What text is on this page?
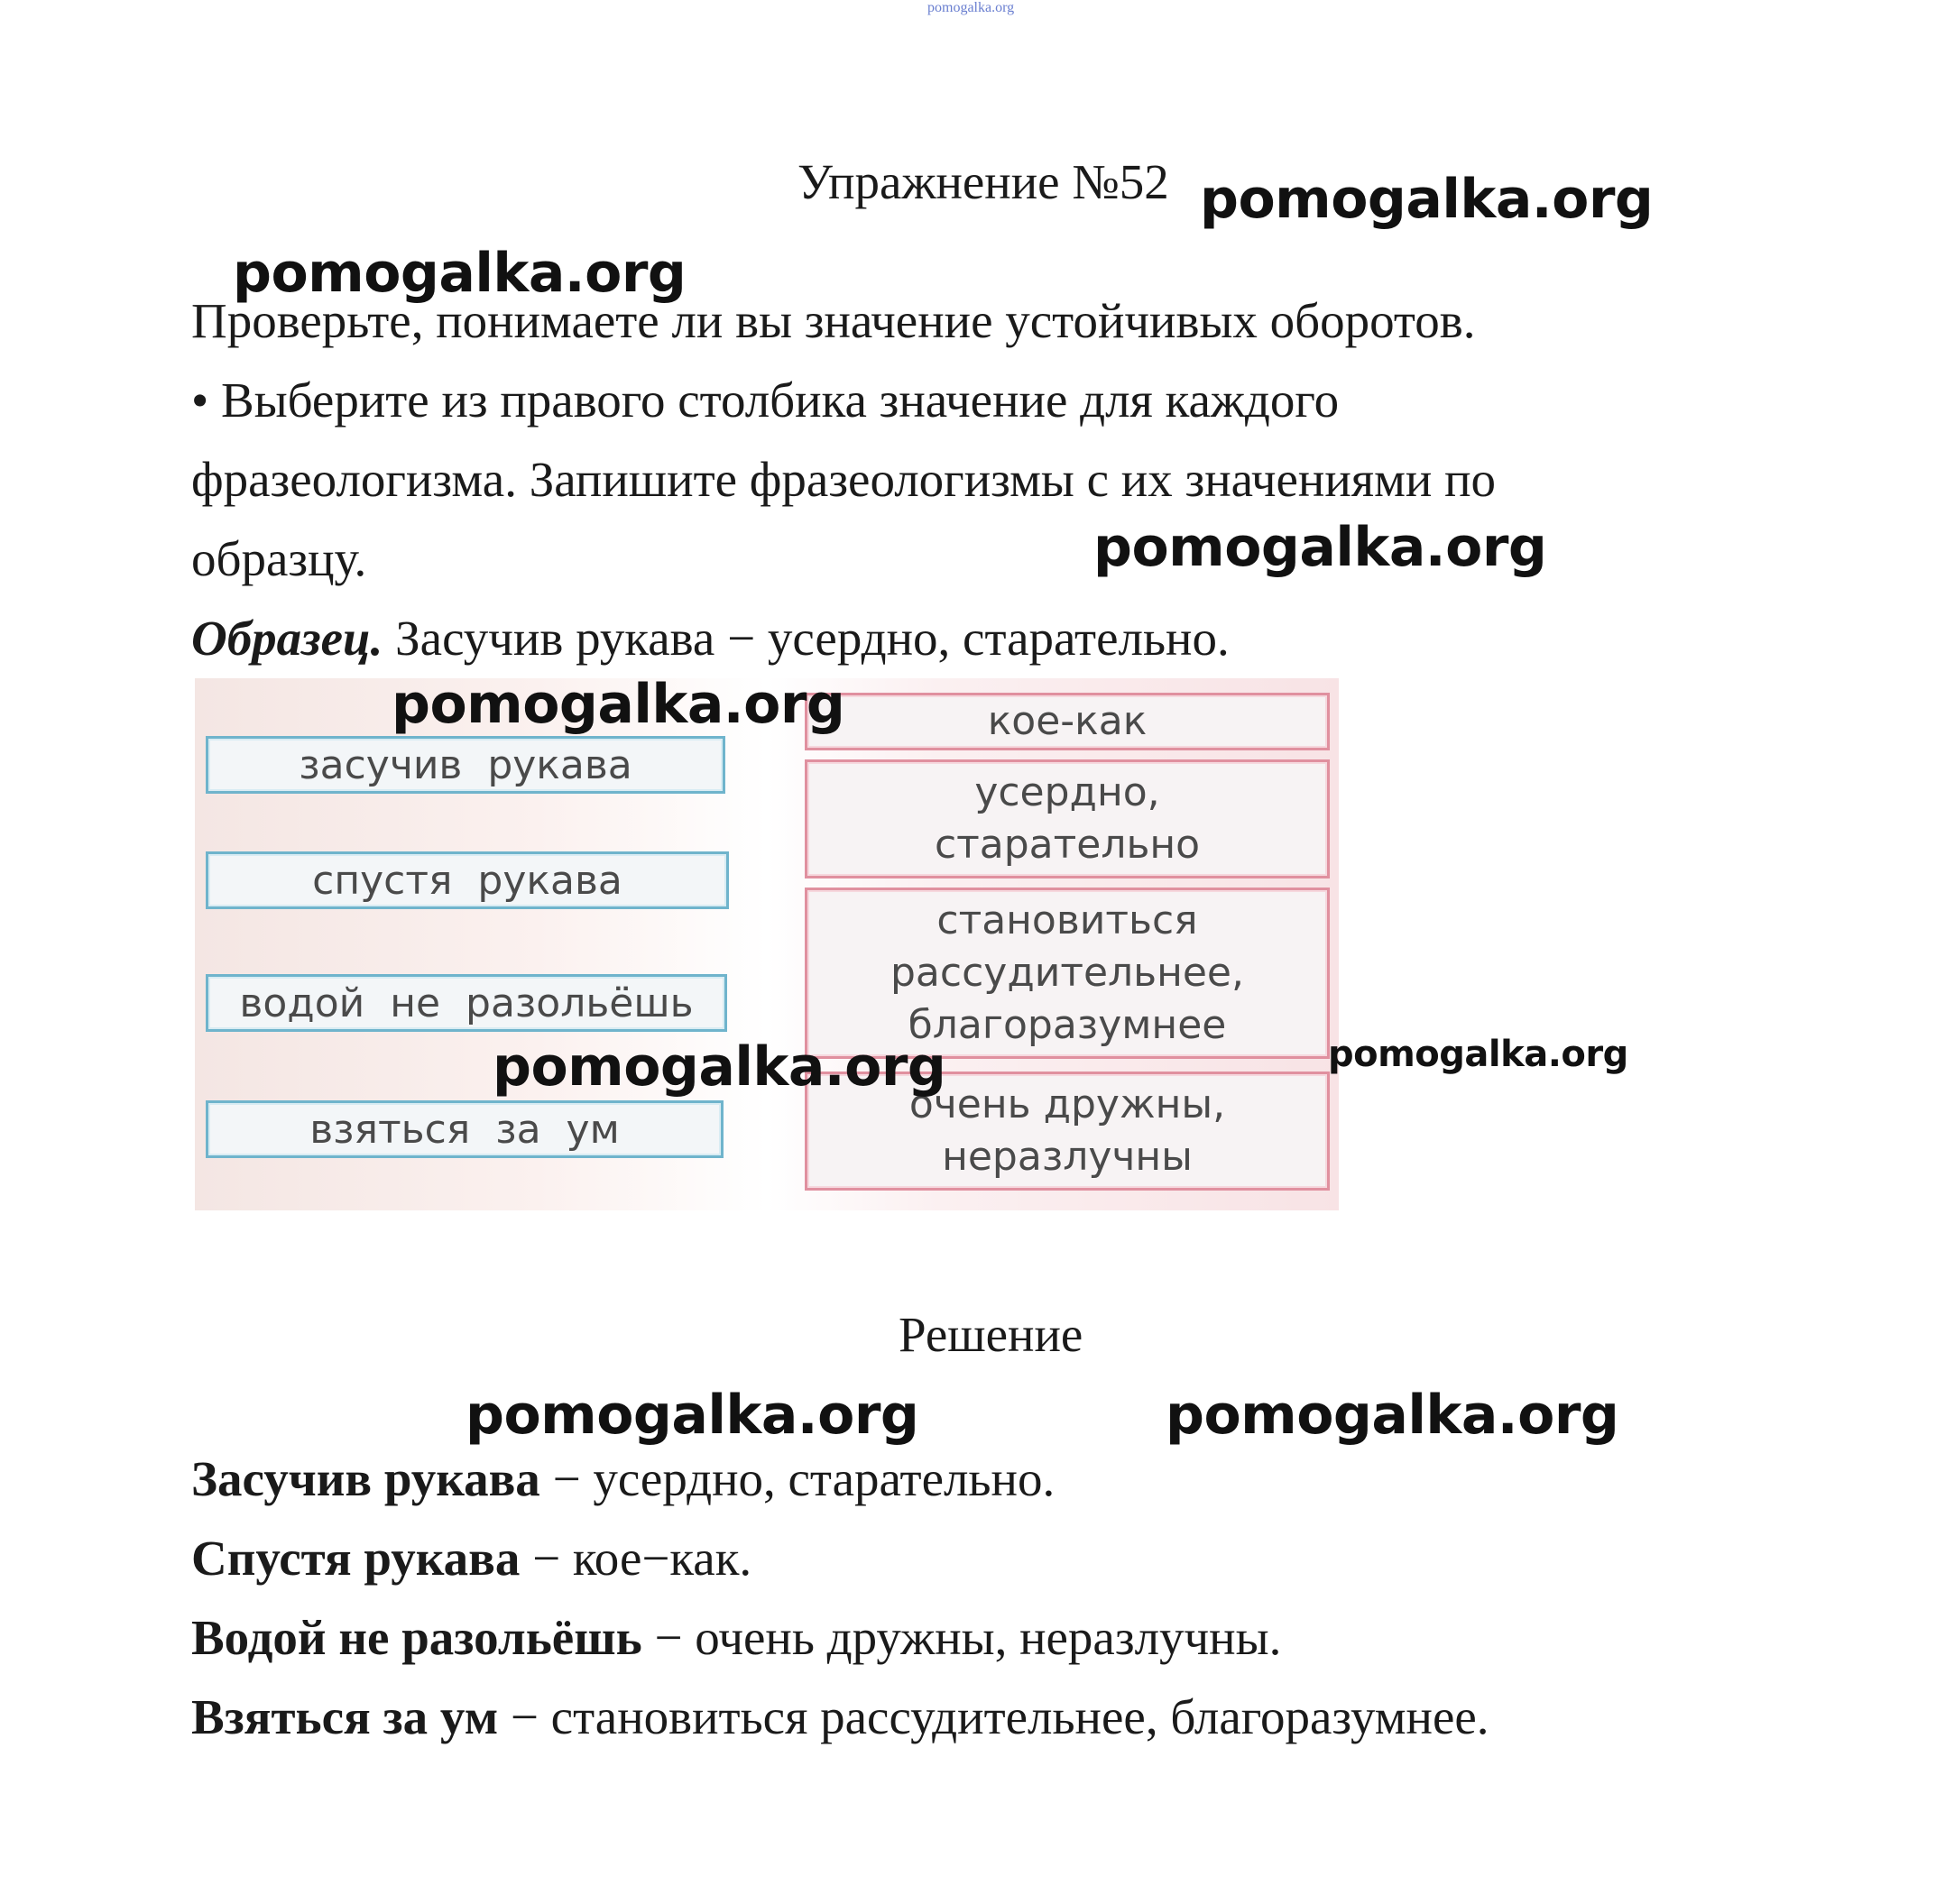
pomogalka.org
Упражнение №52
Проверьте, понимаете ли вы значение устойчивых оборотов.
• Выберите из правого столбика значение для каждого
фразеологизма. Запишите фразеологизмы с их значениями по
образцу.
Образец. Засучив рукава − усердно, старательно.
засучив рукава
спустя рукава
водой не разольёшь
взяться за ум
кое-как
усердно,
старательно
становиться
рассудительнее,
благоразумнее
очень дружны,
неразлучны
Решение
Засучив рукава − усердно, старательно.
Спустя рукава − кое−как.
Водой не разольёшь − очень дружны, неразлучны.
Взяться за ум − становиться рассудительнее, благоразумнее.
pomogalka.org
pomogalka.org
pomogalka.org
pomogalka.org
pomogalka.org	pomogalka.org
pomogalka.org	pomogalka.org
